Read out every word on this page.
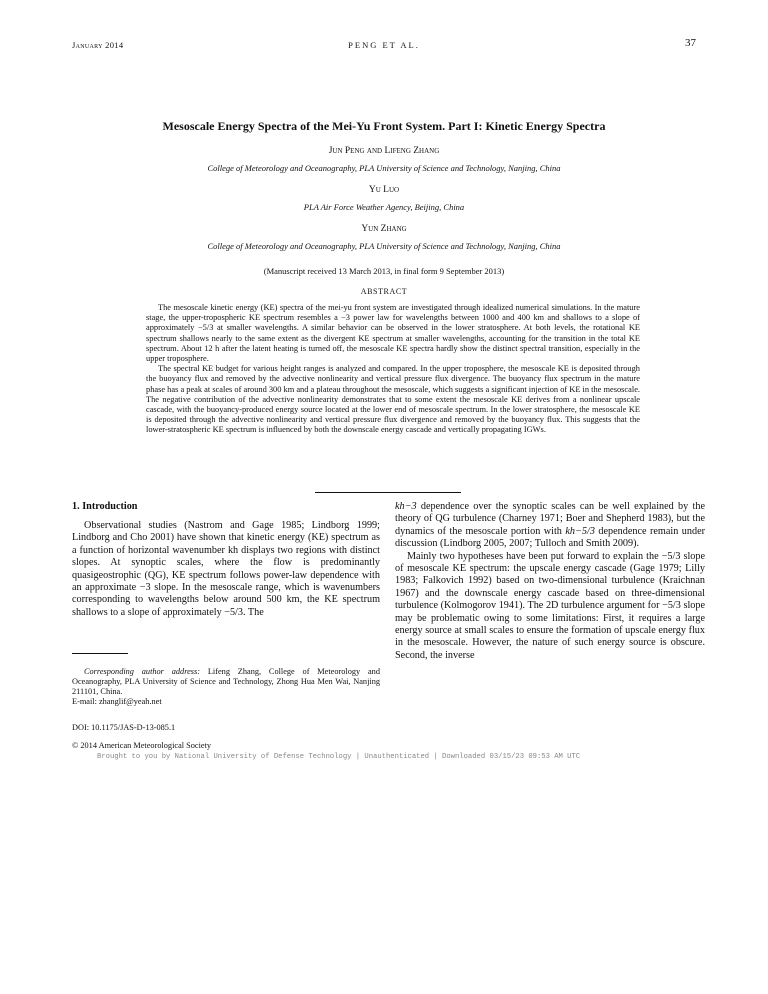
January 2014	PENG ET AL.	37
Mesoscale Energy Spectra of the Mei-Yu Front System. Part I: Kinetic Energy Spectra
Jun Peng and Lifeng Zhang
College of Meteorology and Oceanography, PLA University of Science and Technology, Nanjing, China
Yu Luo
PLA Air Force Weather Agency, Beijing, China
Yun Zhang
College of Meteorology and Oceanography, PLA University of Science and Technology, Nanjing, China
(Manuscript received 13 March 2013, in final form 9 September 2013)
ABSTRACT

The mesoscale kinetic energy (KE) spectra of the mei-yu front system are investigated through idealized numerical simulations. In the mature stage, the upper-tropospheric KE spectrum resembles a −3 power law for wavelengths between 1000 and 400 km and shallows to a slope of approximately −5/3 at smaller wavelengths. A similar behavior can be observed in the lower stratosphere. At both levels, the rotational KE spectrum shallows nearly to the same extent as the divergent KE spectrum at smaller wavelengths, accounting for the transition in the total KE spectrum. About 12 h after the latent heating is turned off, the mesoscale KE spectra hardly show the distinct spectral transition, especially in the upper troposphere.

The spectral KE budget for various height ranges is analyzed and compared. In the upper troposphere, the mesoscale KE is deposited through the buoyancy flux and removed by the advective nonlinearity and vertical pressure flux divergence. The buoyancy flux spectrum in the mature phase has a peak at scales of around 300 km and a plateau throughout the mesoscale, which suggests a significant injection of KE in the mesoscale. The negative contribution of the advective nonlinearity demonstrates that to some extent the mesoscale KE derives from a nonlinear upscale cascade, with the buoyancy-produced energy source located at the lower end of mesoscale spectrum. In the lower stratosphere, the mesoscale KE is deposited through the advective nonlinearity and vertical pressure flux divergence and removed by the buoyancy flux. This suggests that the lower-stratospheric KE spectrum is influenced by both the downscale energy cascade and vertically propagating IGWs.

1. Introduction

Observational studies (Nastrom and Gage 1985; Lindborg 1999; Lindborg and Cho 2001) have shown that kinetic energy (KE) spectrum as a function of horizontal wavenumber kh displays two regions with distinct slopes. At synoptic scales, where the flow is predominantly quasigeostrophic (QG), KE spectrum follows power-law dependence with an approximate −3 slope. In the mesoscale range, which is wavenumbers corresponding to wavelengths below around 500 km, the KE spectrum shallows to a slope of approximately −5/3. The

kh−3 dependence over the synoptic scales can be well explained by the theory of QG turbulence (Charney 1971; Boer and Shepherd 1983), but the dynamics of the mesoscale portion with kh−5/3 dependence remain under discussion (Lindborg 2005, 2007; Tulloch and Smith 2009).

Mainly two hypotheses have been put forward to explain the −5/3 slope of mesoscale KE spectrum: the upscale energy cascade (Gage 1979; Lilly 1983; Falkovich 1992) based on two-dimensional turbulence (Kraichnan 1967) and the downscale energy cascade based on three-dimensional turbulence (Kolmogorov 1941). The 2D turbulence argument for −5/3 slope may be problematic owing to some limitations: First, it requires a large energy source at small scales to ensure the formation of upscale energy flux in the mesoscale. However, the nature of such energy source is obscure. Second, the inverse

Corresponding author address: Lifeng Zhang, College of Meteorology and Oceanography, PLA University of Science and Technology, Zhong Hua Men Wai, Nanjing 211101, China.

E-mail: zhanglif@yeah.net
DOI: 10.1175/JAS-D-13-085.1
© 2014 American Meteorological Society
Brought to you by National University of Defense Technology | Unauthenticated | Downloaded 03/15/23 09:53 AM UTC
